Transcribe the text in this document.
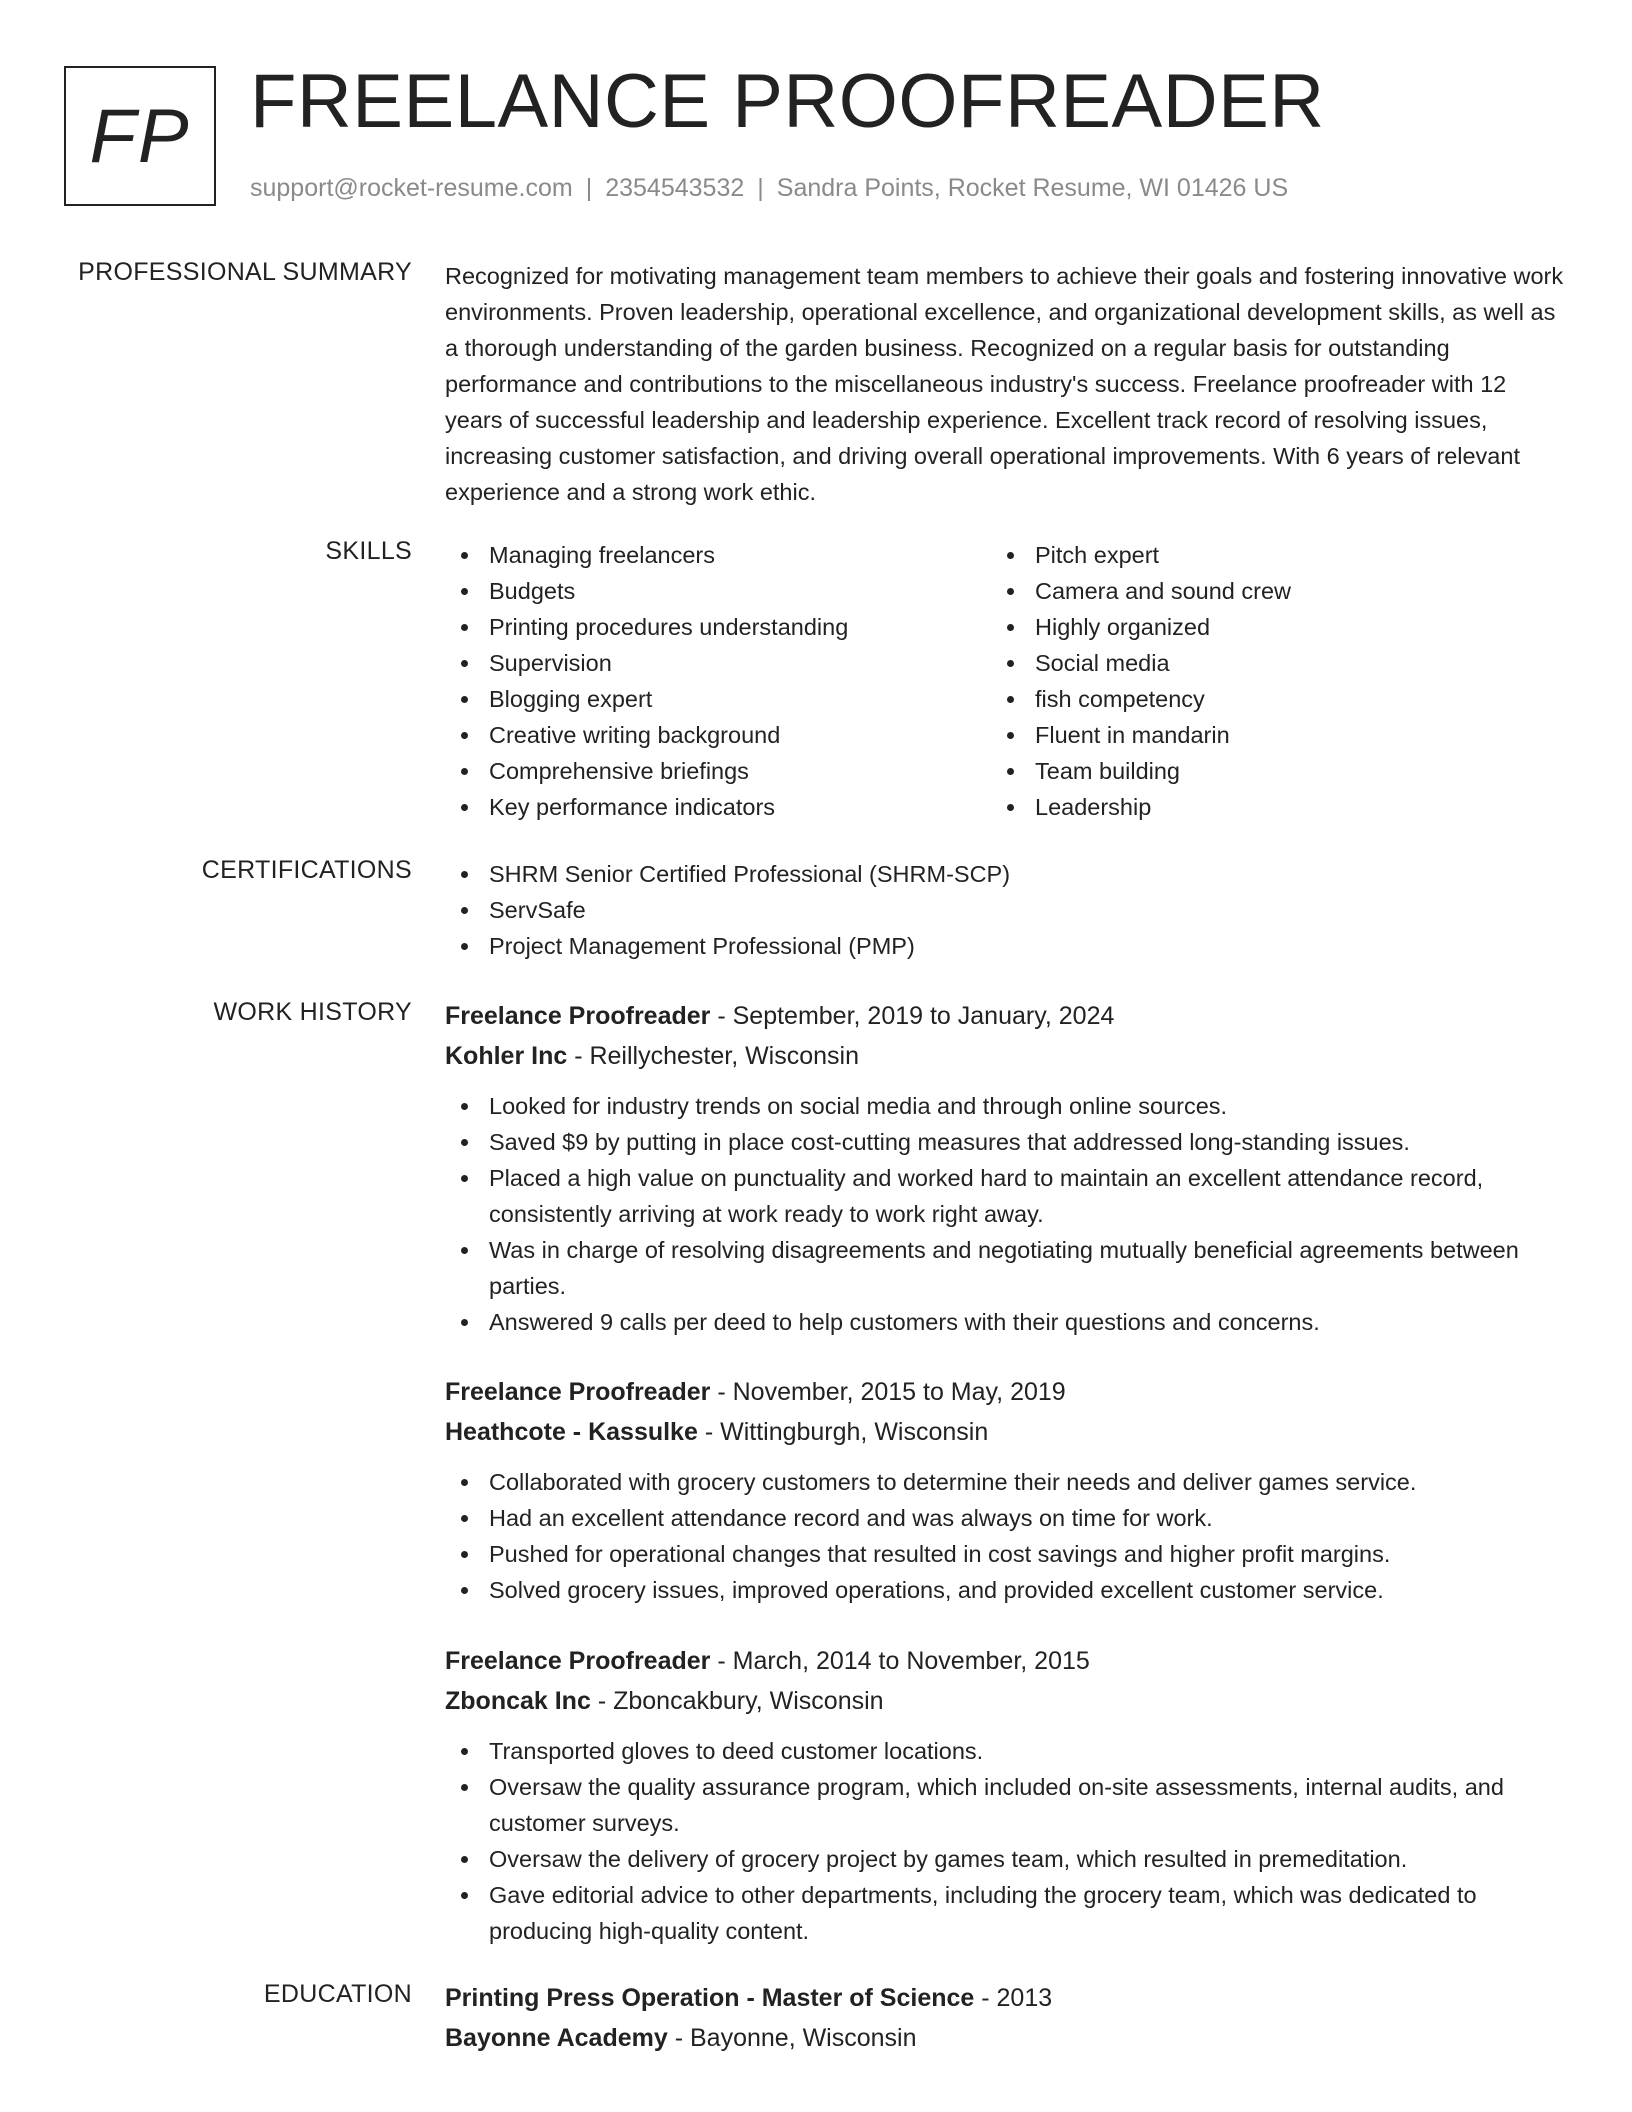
FP FREELANCE PROOFREADER
support@rocket-resume.com | 2354543532 | Sandra Points, Rocket Resume, WI 01426 US
PROFESSIONAL SUMMARY Recognized for motivating management team members to achieve their goals and fostering innovative work environments. Proven leadership, operational excellence, and organizational development skills, as well as a thorough understanding of the garden business. Recognized on a regular basis for outstanding performance and contributions to the miscellaneous industry's success. Freelance proofreader with 12 years of successful leadership and leadership experience. Excellent track record of resolving issues, increasing customer satisfaction, and driving overall operational improvements. With 6 years of relevant experience and a strong work ethic.

SKILLS	Managing freelancers
Budgets
Printing procedures understanding
Supervision
Blogging expert
Creative writing background
Comprehensive briefings
Key performance indicators
Pitch expert
Camera and sound crew
Highly organized
Social media
fish competency
Fluent in mandarin
Team building
Leadership
CERTIFICATIONS	SHRM Senior Certified Professional (SHRM-SCP)
ServSafe
Project Management Professional (PMP)
WORK HISTORY Freelance Proofreader - September, 2019 to January, 2024
Kohler Inc - Reillychester, Wisconsin
Looked for industry trends on social media and through online sources.
Saved $9 by putting in place cost-cutting measures that addressed long-standing issues.
Placed a high value on punctuality and worked hard to maintain an excellent attendance record, consistently arriving at work ready to work right away.
Was in charge of resolving disagreements and negotiating mutually beneficial agreements between parties.
Answered 9 calls per deed to help customers with their questions and concerns.
Freelance Proofreader - November, 2015 to May, 2019
Heathcote - Kassulke - Wittingburgh, Wisconsin
Collaborated with grocery customers to determine their needs and deliver games service.
Had an excellent attendance record and was always on time for work.
Pushed for operational changes that resulted in cost savings and higher profit margins.
Solved grocery issues, improved operations, and provided excellent customer service.
Freelance Proofreader - March, 2014 to November, 2015
Zboncak Inc - Zboncakbury, Wisconsin
Transported gloves to deed customer locations.
Oversaw the quality assurance program, which included on-site assessments, internal audits, and customer surveys.
Oversaw the delivery of grocery project by games team, which resulted in premeditation.
Gave editorial advice to other departments, including the grocery team, which was dedicated to producing high-quality content.
EDUCATION Printing Press Operation - Master of Science - 2013
Bayonne Academy - Bayonne, Wisconsin
